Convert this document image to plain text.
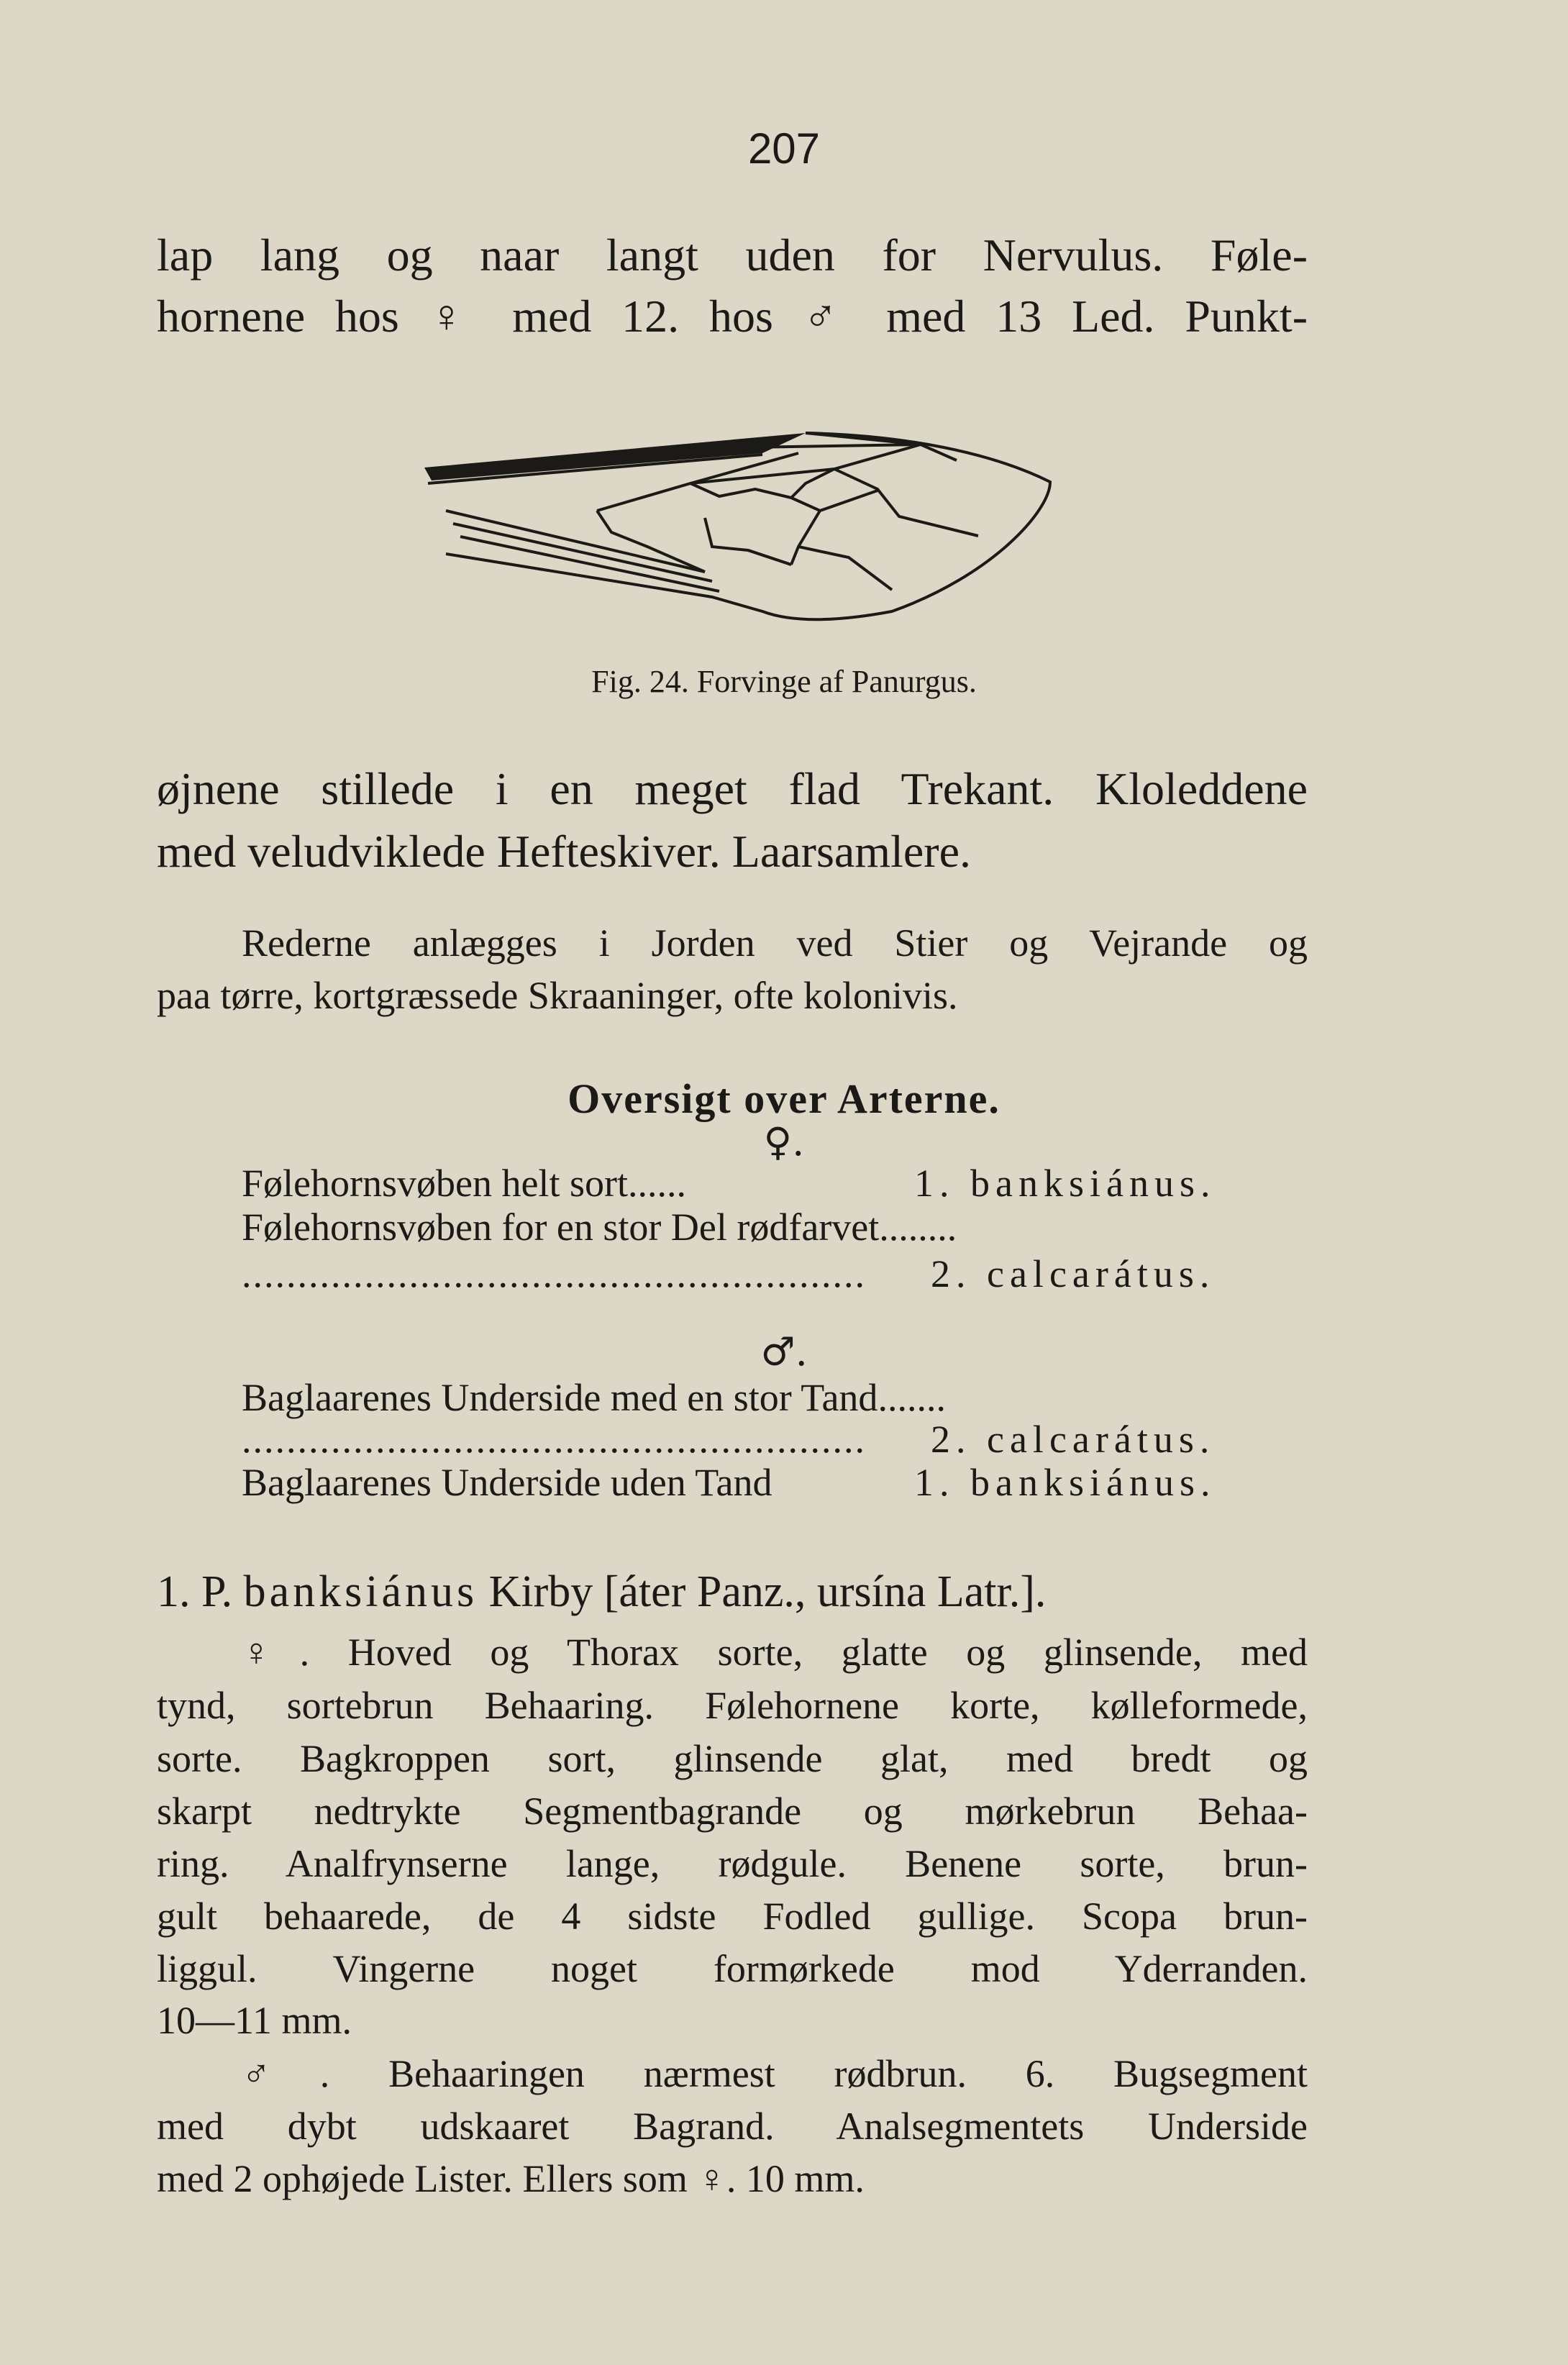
207
lap lang og naar langt uden for Nervulus. Føle-
hornene hos ♀ med 12. hos ♂ med 13 Led. Punkt-
Fig. 24. Forvinge af Panurgus.
øjnene stillede i en meget flad Trekant. Kloleddene
med veludviklede Hefteskiver. Laarsamlere.
Rederne anlægges i Jorden ved Stier og Vejrande og
paa tørre, kortgræssede Skraaninger, ofte kolonivis.
Oversigt over Arterne.
♀.
Følehornsvøben helt sort......	1. banksiánus.
Følehornsvøben for en stor Del rødfarvet........
........................................................ 2. calcarátus.
♂.
Baglaarenes Underside med en stor Tand.......
........................................................ 2. calcarátus.
Baglaarenes Underside uden Tand	1. banksiánus.
1. P. banksiánus Kirby [áter Panz., ursína Latr.].
♀. Hoved og Thorax sorte, glatte og glinsende, med
tynd, sortebrun Behaaring. Følehornene korte, kølleformede,
sorte. Bagkroppen sort, glinsende glat, med bredt og
skarpt nedtrykte Segmentbagrande og mørkebrun Behaa-
ring. Analfrynserne lange, rødgule. Benene sorte, brun-
gult behaarede, de 4 sidste Fodled gullige. Scopa brun-
liggul. Vingerne noget formørkede mod Yderranden.
10—11 mm.
♂. Behaaringen nærmest rødbrun. 6. Bugsegment
med dybt udskaaret Bagrand. Analsegmentets Underside
med 2 ophøjede Lister. Ellers som ♀. 10 mm.
